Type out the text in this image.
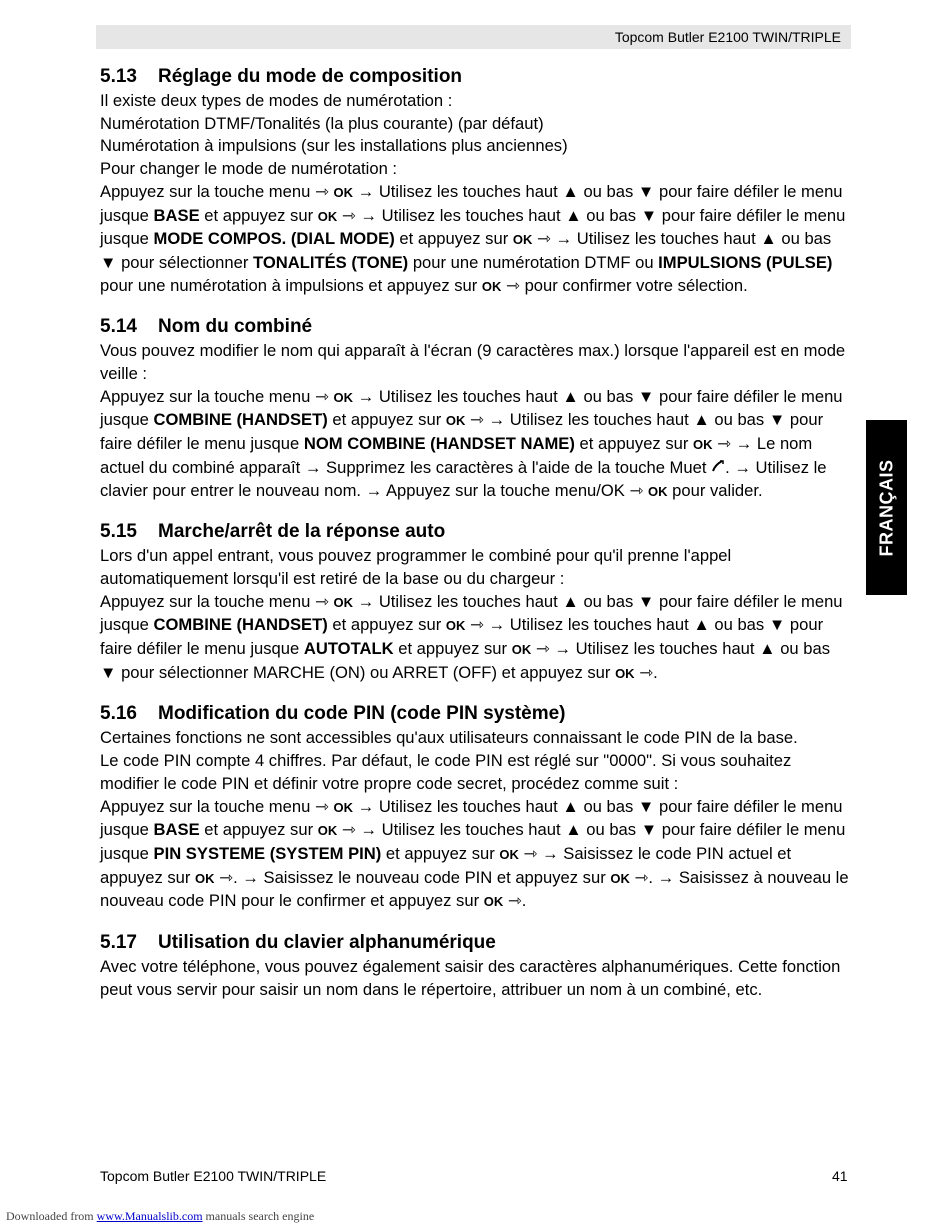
Topcom Butler E2100 TWIN/TRIPLE
FRANÇAIS
5.13 Réglage du mode de composition

Il existe deux types de modes de numérotation :

Numérotation DTMF/Tonalités (la plus courante) (par défaut)

Numérotation à impulsions (sur les installations plus anciennes)

Pour changer le mode de numérotation :

Appuyez sur la touche menu ⇾ OK → Utilisez les touches haut ▲ ou bas ▼ pour faire défiler le menu jusque BASE et appuyez sur OK ⇾ → Utilisez les touches haut ▲ ou bas ▼ pour faire défiler le menu jusque MODE COMPOS. (DIAL MODE) et appuyez sur OK ⇾ → Utilisez les touches haut ▲ ou bas ▼ pour sélectionner TONALITÉS (TONE) pour une numérotation DTMF ou IMPULSIONS (PULSE) pour une numérotation à impulsions et appuyez sur OK ⇾ pour confirmer votre sélection.

5.14 Nom du combiné

Vous pouvez modifier le nom qui apparaît à l'écran (9 caractères max.) lorsque l'appareil est en mode veille :

Appuyez sur la touche menu ⇾ OK → Utilisez les touches haut ▲ ou bas ▼ pour faire défiler le menu jusque COMBINE (HANDSET) et appuyez sur OK ⇾ → Utilisez les touches haut ▲ ou bas ▼ pour faire défiler le menu jusque NOM COMBINE (HANDSET NAME) et appuyez sur OK ⇾ → Le nom actuel du combiné apparaît → Supprimez les caractères à l'aide de la touche Muet . → Utilisez le clavier pour entrer le nouveau nom. → Appuyez sur la touche menu/OK ⇾ OK pour valider.

5.15 Marche/arrêt de la réponse auto

Lors d'un appel entrant, vous pouvez programmer le combiné pour qu'il prenne l'appel automatiquement lorsqu'il est retiré de la base ou du chargeur :

Appuyez sur la touche menu ⇾ OK → Utilisez les touches haut ▲ ou bas ▼ pour faire défiler le menu jusque COMBINE (HANDSET) et appuyez sur OK ⇾ → Utilisez les touches haut ▲ ou bas ▼ pour faire défiler le menu jusque AUTOTALK et appuyez sur OK ⇾ → Utilisez les touches haut ▲ ou bas ▼ pour sélectionner MARCHE (ON) ou ARRET (OFF) et appuyez sur OK ⇾.

5.16 Modification du code PIN (code PIN système)

Certaines fonctions ne sont accessibles qu'aux utilisateurs connaissant le code PIN de la base.

Le code PIN compte 4 chiffres. Par défaut, le code PIN est réglé sur "0000". Si vous souhaitez modifier le code PIN et définir votre propre code secret, procédez comme suit :

Appuyez sur la touche menu ⇾ OK → Utilisez les touches haut ▲ ou bas ▼ pour faire défiler le menu jusque BASE et appuyez sur OK ⇾ → Utilisez les touches haut ▲ ou bas ▼ pour faire défiler le menu jusque PIN SYSTEME (SYSTEM PIN) et appuyez sur OK ⇾ → Saisissez le code PIN actuel et appuyez sur OK ⇾. → Saisissez le nouveau code PIN et appuyez sur OK ⇾. → Saisissez à nouveau le nouveau code PIN pour le confirmer et appuyez sur OK ⇾.

5.17 Utilisation du clavier alphanumérique

Avec votre téléphone, vous pouvez également saisir des caractères alphanumériques. Cette fonction peut vous servir pour saisir un nom dans le répertoire, attribuer un nom à un combiné, etc.

Topcom Butler E2100 TWIN/TRIPLE	41
Downloaded from www.Manualslib.com manuals search engine
